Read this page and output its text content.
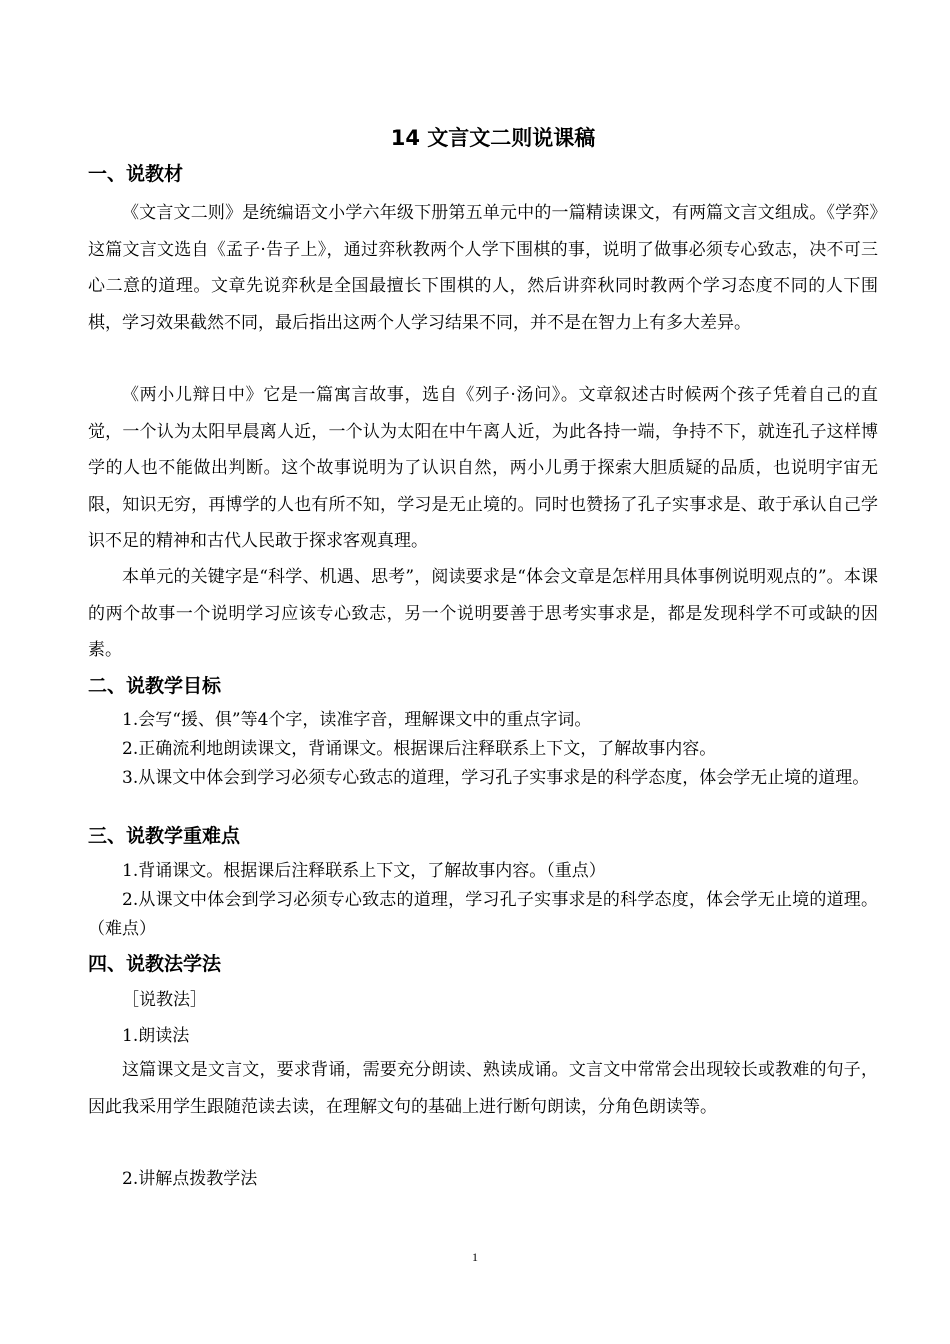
14 文言文二则说课稿
一、说教材

《文言文二则》是统编语文小学六年级下册第五单元中的一篇精读课文，有两篇文言文组成。《学弈》这篇文言文选自《孟子·告子上》，通过弈秋教两个人学下围棋的事，说明了做事必须专心致志，决不可三心二意的道理。文章先说弈秋是全国最擅长下围棋的人，然后讲弈秋同时教两个学习态度不同的人下围棋，学习效果截然不同，最后指出这两个人学习结果不同，并不是在智力上有多大差异。

《两小儿辩日中》它是一篇寓言故事，选自《列子·汤问》。文章叙述古时候两个孩子凭着自己的直觉，一个认为太阳早晨离人近，一个认为太阳在中午离人近，为此各持一端，争持不下，就连孔子这样博学的人也不能做出判断。这个故事说明为了认识自然，两小儿勇于探索大胆质疑的品质，也说明宇宙无限，知识无穷，再博学的人也有所不知，学习是无止境的。同时也赞扬了孔子实事求是、敢于承认自己学识不足的精神和古代人民敢于探求客观真理。

本单元的关键字是“科学、机遇、思考”，阅读要求是“体会文章是怎样用具体事例说明观点的”。本课的两个故事一个说明学习应该专心致志，另一个说明要善于思考实事求是，都是发现科学不可或缺的因素。

二、说教学目标

1.会写“援、俱”等4个字，读准字音，理解课文中的重点字词。

2.正确流利地朗读课文，背诵课文。根据课后注释联系上下文，了解故事内容。

3.从课文中体会到学习必须专心致志的道理，学习孔子实事求是的科学态度，体会学无止境的道理。

三、说教学重难点

1.背诵课文。根据课后注释联系上下文，了解故事内容。（重点）

2.从课文中体会到学习必须专心致志的道理，学习孔子实事求是的科学态度，体会学无止境的道理。（难点）

四、说教法学法

［说教法］

1.朗读法

这篇课文是文言文，要求背诵，需要充分朗读、熟读成诵。文言文中常常会出现较长或教难的句子，因此我采用学生跟随范读去读，在理解文句的基础上进行断句朗读，分角色朗读等。

2.讲解点拨教学法

1
